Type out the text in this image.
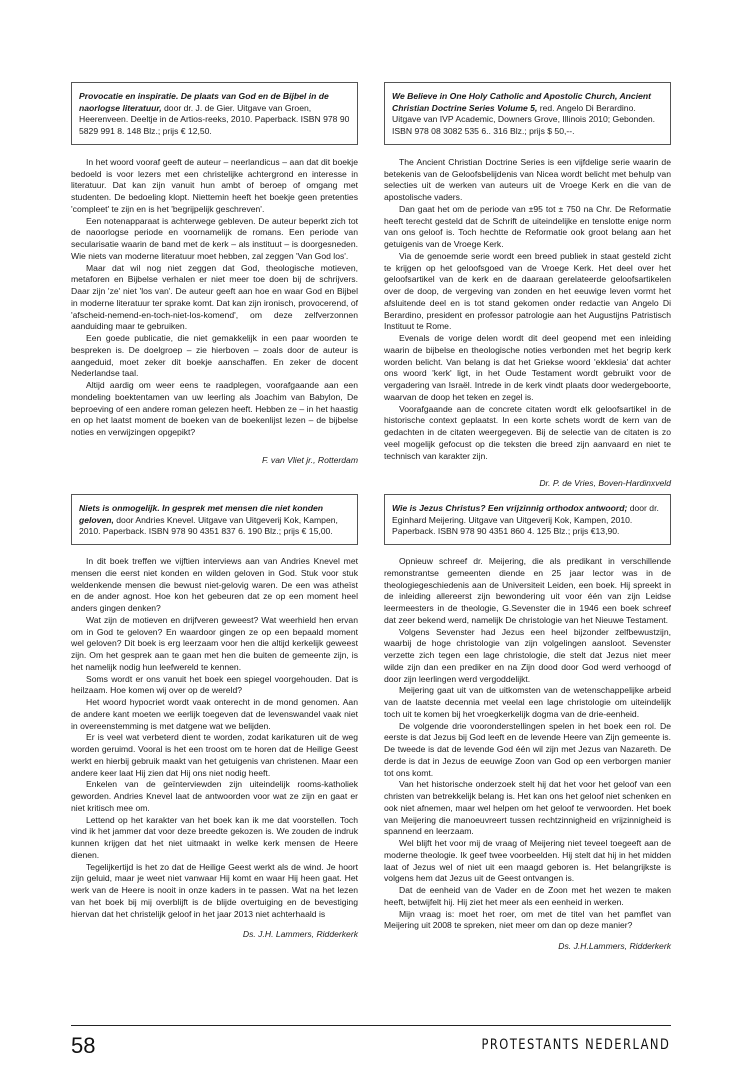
Provocatie en inspiratie. De plaats van God en de Bijbel in de naorlogse literatuur, door dr. J. de Gier. Uitgave van Groen, Heerenveen. Deeltje in de Artios-reeks, 2010. Paperback. ISBN 978 90 5829 991 8. 148 Blz.; prijs € 12,50.

In het woord vooraf geeft de auteur – neerlandicus – aan dat dit boekje bedoeld is voor lezers met een christelijke achtergrond en interesse in literatuur. Dat kan zijn vanuit hun ambt of beroep of omgang met studenten. De bedoeling klopt. Niettemin heeft het boekje geen pretenties 'compleet' te zijn en is het 'begrijpelijk geschreven'.

Een notenapparaat is achterwege gebleven. De auteur beperkt zich tot de naoorlogse periode en voornamelijk de romans. Een periode van secularisatie waarin de band met de kerk – als instituut – is doorgesneden. Wie niets van moderne literatuur moet hebben, zal zeggen 'Van God los'.

Maar dat wil nog niet zeggen dat God, theologische motieven, metaforen en Bijbelse verhalen er niet meer toe doen bij de schrijvers. Daar zijn 'ze' niet 'los van'. De auteur geeft aan hoe en waar God en Bijbel in moderne literatuur ter sprake komt. Dat kan zijn ironisch, provocerend, of 'afscheid-nemend-en-toch-niet-los-komend', om deze zelfverzonnen aanduiding maar te gebruiken.

Een goede publicatie, die niet gemakkelijk in een paar woorden te bespreken is. De doelgroep – zie hierboven – zoals door de auteur is aangeduid, moet zeker dit boekje aanschaffen. En zeker de docent Nederlandse taal.

Altijd aardig om weer eens te raadplegen, voorafgaande aan een mondeling boektentamen van uw leerling als Joachim van Babylon, De beproeving of een andere roman gelezen heeft. Hebben ze – in het haastig en op het laatst moment de boeken van de boekenlijst lezen – de bijbelse noties en verwijzingen opgepikt?

F. van Vliet jr., Rotterdam
We Believe in One Holy Catholic and Apostolic Church, Ancient Christian Doctrine Series Volume 5, red. Angelo Di Berardino. Uitgave van IVP Academic, Downers Grove, Illinois 2010; Gebonden. ISBN 978 08 3082 535 6.. 316 Blz.; prijs $ 50,--.

The Ancient Christian Doctrine Series is een vijfdelige serie waarin de betekenis van de Geloofsbelijdenis van Nicea wordt belicht met behulp van selecties uit de werken van auteurs uit de Vroege Kerk en die van de apostolische vaders.

Dan gaat het om de periode van ±95 tot ± 750 na Chr. De Reformatie heeft terecht gesteld dat de Schrift de uiteindelijke en tenslotte enige norm van ons geloof is. Toch hechtte de Reformatie ook groot belang aan het getuigenis van de Vroege Kerk.

Via de genoemde serie wordt een breed publiek in staat gesteld zicht te krijgen op het geloofsgoed van de Vroege Kerk. Het deel over het geloofsartikel van de kerk en de daaraan gerelateerde geloofsartikelen over de doop, de vergeving van zonden en het eeuwige leven vormt het afsluitende deel en is tot stand gekomen onder redactie van Angelo Di Berardino, president en professor patrologie aan het Augustijns Patristisch Instituut te Rome.

Evenals de vorige delen wordt dit deel geopend met een inleiding waarin de bijbelse en theologische noties verbonden met het begrip kerk worden belicht. Van belang is dat het Griekse woord 'ekklesia' dat achter ons woord 'kerk' ligt, in het Oude Testament wordt gebruikt voor de vergadering van Israël. Intrede in de kerk vindt plaats door wedergeboorte, waarvan de doop het teken en zegel is.

Voorafgaande aan de concrete citaten wordt elk geloofsartikel in de historische context geplaatst. In een korte schets wordt de kern van de gedachten in de citaten weergegeven. Bij de selectie van de citaten is zo veel mogelijk gefocust op die teksten die breed zijn aanvaard en niet te technisch van karakter zijn.

Dr. P. de Vries, Boven-Hardinxveld
Niets is onmogelijk. In gesprek met mensen die niet konden geloven, door Andries Knevel. Uitgave van Uitgeverij Kok, Kampen, 2010. Paperback. ISBN 978 90 4351 837 6. 190 Blz.; prijs € 15,00.

In dit boek treffen we vijftien interviews aan van Andries Knevel met mensen die eerst niet konden en wilden geloven in God. Stuk voor stuk weldenkende mensen die bewust niet-gelovig waren. De een was atheïst en de ander agnost. Hoe kon het gebeuren dat ze op een moment heel anders gingen denken?

Wat zijn de motieven en drijfveren geweest? Wat weerhield hen ervan om in God te geloven? En waardoor gingen ze op een bepaald moment wel geloven? Dit boek is erg leerzaam voor hen die altijd kerkelijk geweest zijn. Om het gesprek aan te gaan met hen die buiten de gemeente zijn, is het namelijk nodig hun leefwereld te kennen.

Soms wordt er ons vanuit het boek een spiegel voorgehouden. Dat is heilzaam. Hoe komen wij over op de wereld?

Het woord hypocriet wordt vaak onterecht in de mond genomen. Aan de andere kant moeten we eerlijk toegeven dat de levenswandel vaak niet in overeenstemming is met datgene wat we belijden.

Er is veel wat verbeterd dient te worden, zodat karikaturen uit de weg worden geruimd. Vooral is het een troost om te horen dat de Heilige Geest werkt en hierbij gebruik maakt van het getuigenis van christenen. Maar een andere keer laat Hij zien dat Hij ons niet nodig heeft.

Enkelen van de geïnterviewden zijn uiteindelijk rooms-katholiek geworden. Andries Knevel laat de antwoorden voor wat ze zijn en gaat er niet kritisch mee om.

Lettend op het karakter van het boek kan ik me dat voorstellen. Toch vind ik het jammer dat voor deze breedte gekozen is. We zouden de indruk kunnen krijgen dat het niet uitmaakt in welke kerk mensen de Heere dienen.

Tegelijkertijd is het zo dat de Heilige Geest werkt als de wind. Je hoort zijn geluid, maar je weet niet vanwaar Hij komt en waar Hij heen gaat. Het werk van de Heere is nooit in onze kaders in te passen. Wat na het lezen van het boek bij mij overblijft is de blijde overtuiging en de bevestiging hiervan dat het christelijk geloof in het jaar 2013 niet achterhaald is

Ds. J.H. Lammers, Ridderkerk
Wie is Jezus Christus? Een vrijzinnig orthodox antwoord; door dr. Eginhard Meijering. Uitgave van Uitgeverij Kok, Kampen, 2010. Paperback. ISBN 978 90 4351 860 4. 125 Blz.; prijs €13,90.

Opnieuw schreef dr. Meijering, die als predikant in verschillende remonstrantse gemeenten diende en 25 jaar lector was in de theologiegeschiedenis aan de Universiteit Leiden, een boek. Hij spreekt in de inleiding allereerst zijn bewondering uit voor één van zijn Leidse leermeesters in de theologie, G.Sevenster die in 1946 een boek schreef dat zeer bekend werd, namelijk De christologie van het Nieuwe Testament.

Volgens Sevenster had Jezus een heel bijzonder zelfbewustzijn, waarbij de hoge christologie van zijn volgelingen aansloot. Sevenster verzette zich tegen een lage christologie, die stelt dat Jezus niet meer wilde zijn dan een prediker en na Zijn dood door God werd verhoogd of door zijn leerlingen werd vergoddelijkt.

Meijering gaat uit van de uitkomsten van de wetenschappelijke arbeid van de laatste decennia met veelal een lage christologie om uiteindelijk toch uit te komen bij het vroegkerkelijk dogma van de drie-eenheid.

De volgende drie vooronderstellingen spelen in het boek een rol. De eerste is dat Jezus bij God leeft en de levende Heere van Zijn gemeente is. De tweede is dat de levende God één wil zijn met Jezus van Nazareth. De derde is dat in Jezus de eeuwige Zoon van God op een verborgen manier tot ons komt.

Van het historische onderzoek stelt hij dat het voor het geloof van een christen van betrekkelijk belang is. Het kan ons het geloof niet schenken en ook niet afnemen, maar wel helpen om het geloof te verwoorden. Het boek van Meijering die manoeuvreert tussen rechtzinnigheid en vrijzinnigheid is spannend en leerzaam.

Wel blijft het voor mij de vraag of Meijering niet teveel toegeeft aan de moderne theologie. Ik geef twee voorbeelden. Hij stelt dat hij in het midden laat of Jezus wel of niet uit een maagd geboren is. Het belangrijkste is volgens hem dat Jezus uit de Geest ontvangen is.

Dat de eenheid van de Vader en de Zoon met het wezen te maken heeft, betwijfelt hij. Hij ziet het meer als een eenheid in werken.

Mijn vraag is: moet het roer, om met de titel van het pamflet van Meijering uit 2008 te spreken, niet meer om dan op deze manier?

Ds. J.H.Lammers, Ridderkerk
58	PROTESTANTS NEDERLAND
